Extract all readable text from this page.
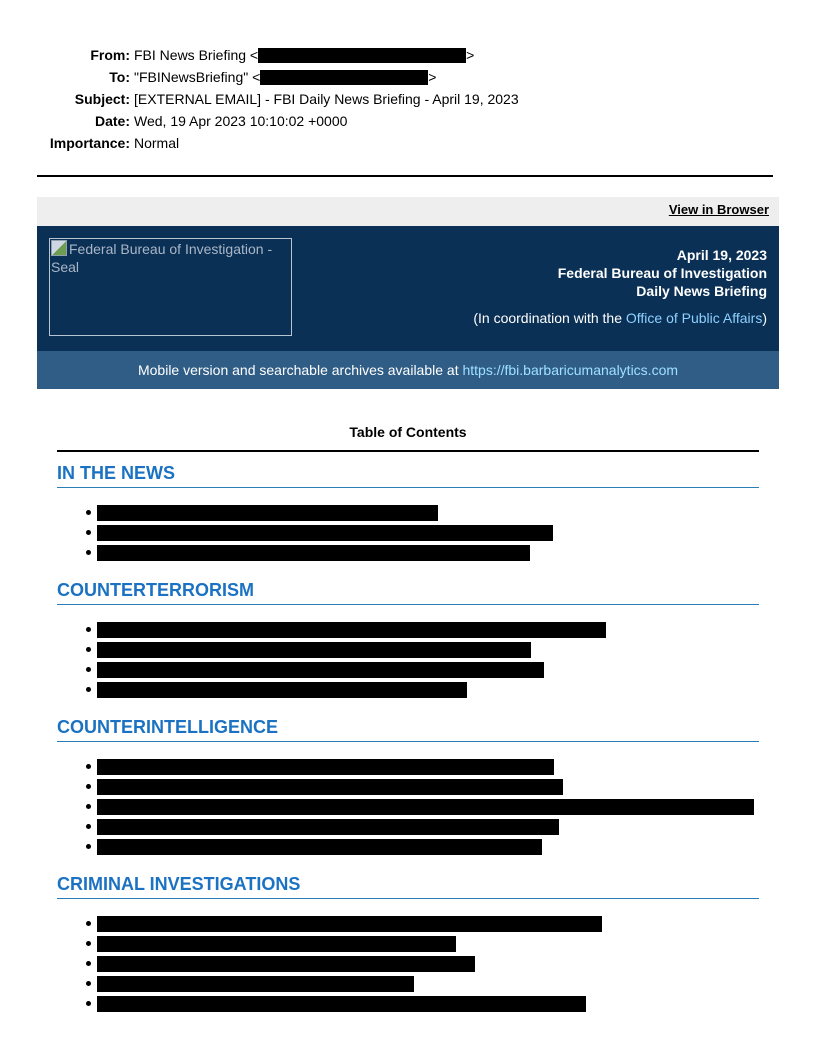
From: FBI News Briefing <	>
To: "FBINewsBriefing" <	>
Subject: [EXTERNAL EMAIL] - FBI Daily News Briefing - April 19, 2023
Date: Wed, 19 Apr 2023 10:10:02 +0000
Importance: Normal
View in Browser
Federal Bureau of Investigation - Seal
April 19, 2023
Federal Bureau of Investigation
Daily News Briefing
(In coordination with the Office of Public Affairs)
Mobile version and searchable archives available at https://fbi.barbaricumanalytics.com
Table of Contents
IN THE NEWS
COUNTERTERRORISM
COUNTERINTELLIGENCE
CRIMINAL INVESTIGATIONS
